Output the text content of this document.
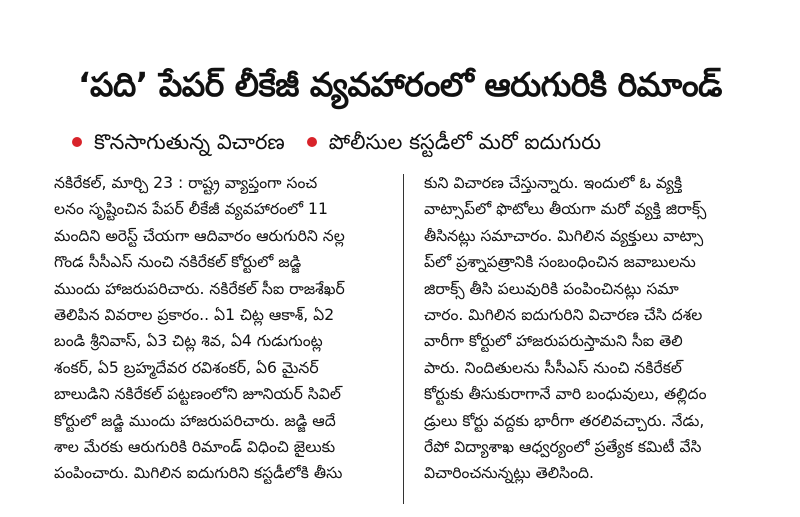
‘పది’ పేపర్ లీకేజీ వ్యవహారంలో ఆరుగురికి రిమాండ్
కొనసాగుతున్న విచారణ పోలీసుల కస్టడీలో మరో ఐదుగురు
నకిరేకల్, మార్చి 23 : రాష్ట్ర వ్యాప్తంగా సంచ
లనం సృష్టించిన పేపర్ లీకేజీ వ్యవహారంలో 11
మందిని అరెస్ట్ చేయగా ఆదివారం ఆరుగురిని నల్ల
గొండ సీసీఎస్ నుంచి నకిరేకల్ కోర్టులో జడ్జి
ముందు హాజరుపరిచారు. నకిరేకల్ సీఐ రాజశేఖర్
తెలిపిన వివరాల ప్రకారం.. ఏ1 చిట్ల ఆకాశ్, ఏ2
బండి శ్రీనివాస్, ఏ3 చిట్ల శివ, ఏ4 గుడుగుంట్ల
శంకర్, ఏ5 బ్రహ్మదేవర రవిశంకర్, ఏ6 మైనర్
బాలుడిని నకిరేకల్ పట్టణంలోని జూనియర్ సివిల్
కోర్టులో జడ్జి ముందు హాజరుపరిచారు. జడ్జి ఆదే
శాల మేరకు ఆరుగురికి రిమాండ్ విధించి జైలుకు
పంపించారు. మిగిలిన ఐదుగురిని కస్టడీలోకి తీసు
కుని విచారణ చేస్తున్నారు. ఇందులో ఓ వ్యక్తి
వాట్సాప్‌లో ఫొటోలు తీయగా మరో వ్యక్తి జిరాక్స్
తీసినట్లు సమాచారం. మిగిలిన వ్యక్తులు వాట్సా
ప్‌లో ప్రశ్నాపత్రానికి సంబంధించిన జవాబులను
జిరాక్స్ తీసి పలువురికి పంపించినట్లు సమా
చారం. మిగిలిన ఐదుగురిని విచారణ చేసి దశల
వారీగా కోర్టులో హాజరుపరుస్తామని సీఐ తెలి
పారు. నిందితులను సీసీఎస్ నుంచి నకిరేకల్
కోర్టుకు తీసుకురాగానే వారి బంధువులు, తల్లిదం
డ్రులు కోర్టు వద్దకు భారీగా తరలివచ్చారు. నేడు,
రేపో విద్యాశాఖ ఆధ్వర్యంలో ప్రత్యేక కమిటీ వేసి
విచారించనున్నట్లు తెలిసింది.
